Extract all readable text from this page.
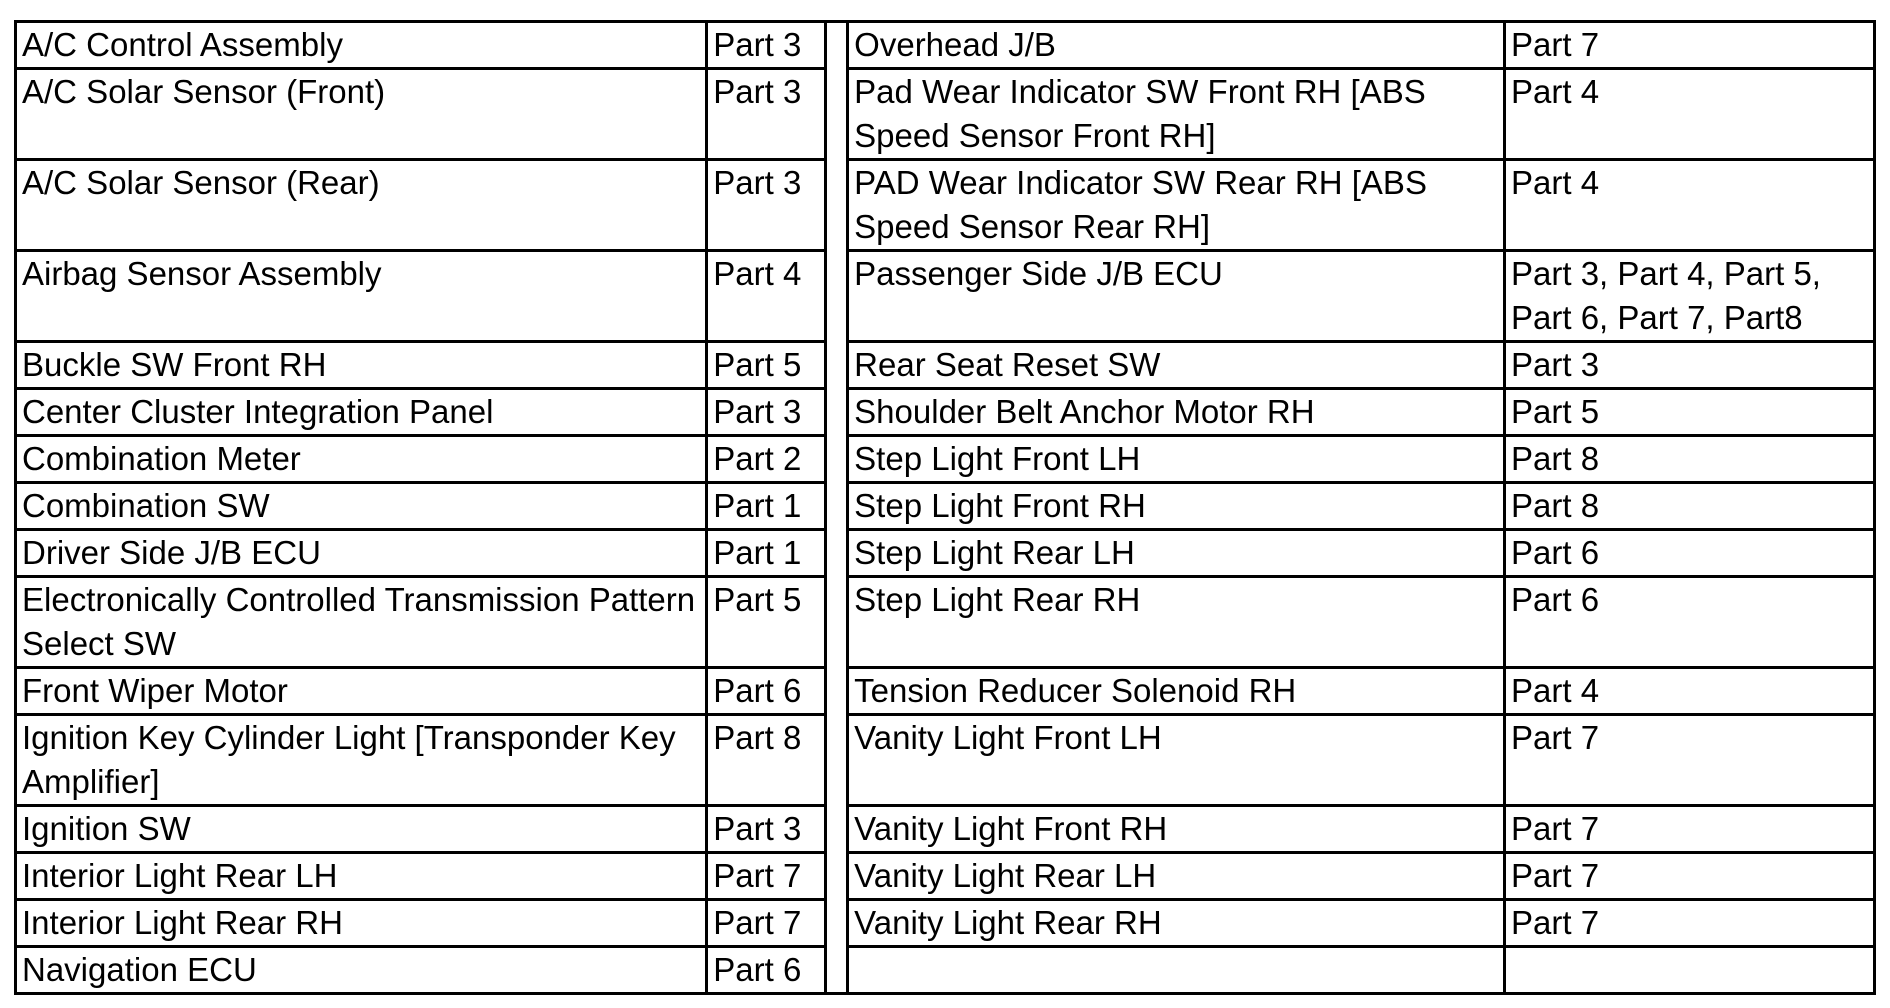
A/C Control Assembly	Part 3		Overhead J/B	Part 7
A/C Solar Sensor (Front)	Part 3		Pad Wear Indicator SW Front RH [ABS Speed Sensor Front RH]	Part 4
A/C Solar Sensor (Rear)	Part 3		PAD Wear Indicator SW Rear RH [ABS Speed Sensor Rear RH]	Part 4
Airbag Sensor Assembly	Part 4		Passenger Side J/B ECU	Part 3, Part 4, Part 5, Part 6, Part 7, Part8
Buckle SW Front RH	Part 5		Rear Seat Reset SW	Part 3
Center Cluster Integration Panel	Part 3		Shoulder Belt Anchor Motor RH	Part 5
Combination Meter	Part 2		Step Light Front LH	Part 8
Combination SW	Part 1		Step Light Front RH	Part 8
Driver Side J/B ECU	Part 1		Step Light Rear LH	Part 6
Electronically Controlled Transmission Pattern Select SW	Part 5		Step Light Rear RH	Part 6
Front Wiper Motor	Part 6		Tension Reducer Solenoid RH	Part 4
Ignition Key Cylinder Light [Transponder Key Amplifier]	Part 8		Vanity Light Front LH	Part 7
Ignition SW	Part 3		Vanity Light Front RH	Part 7
Interior Light Rear LH	Part 7		Vanity Light Rear LH	Part 7
Interior Light Rear RH	Part 7		Vanity Light Rear RH	Part 7
Navigation ECU	Part 6			
